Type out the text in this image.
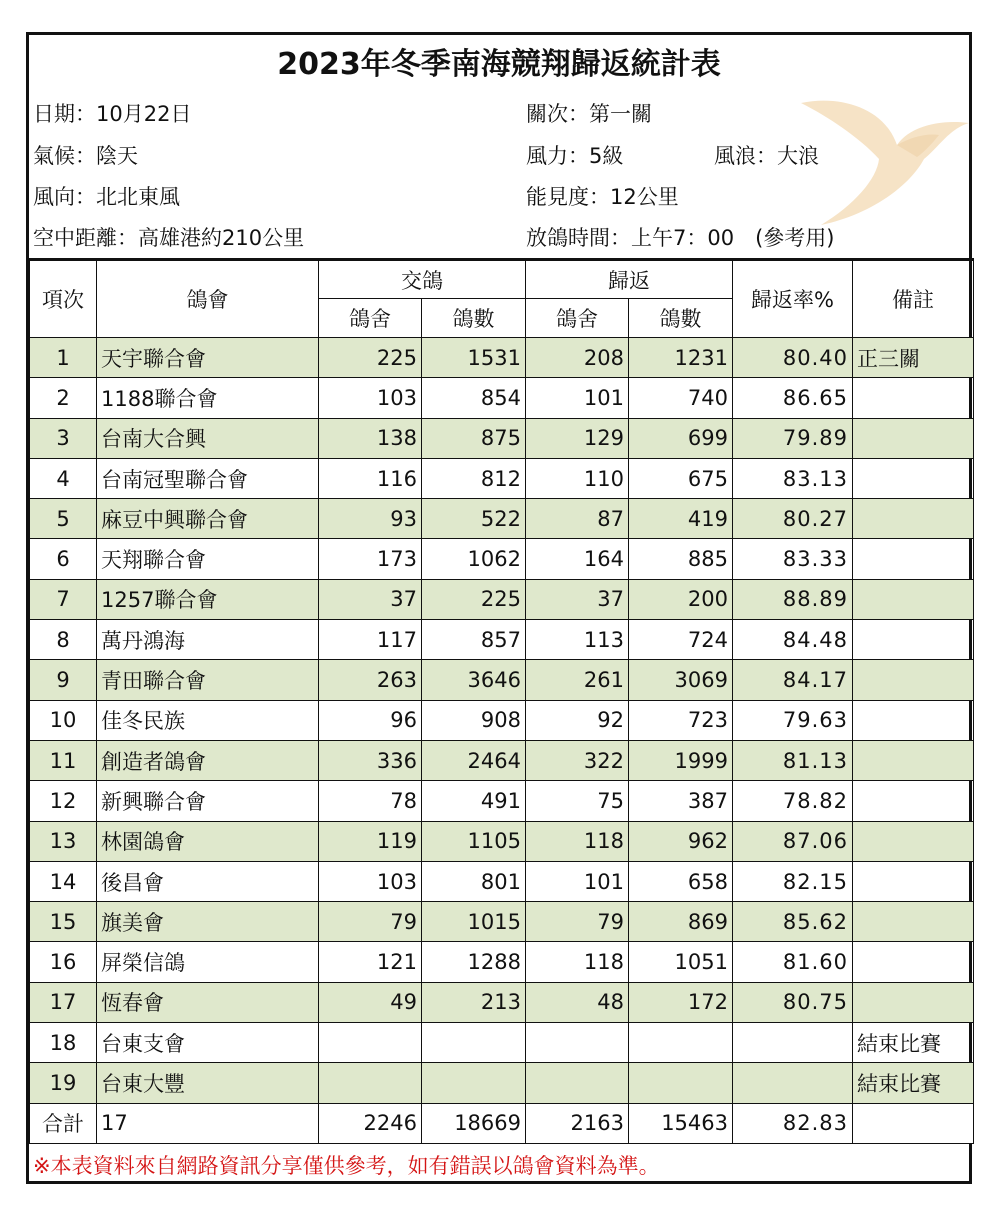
2023年冬季南海競翔歸返統計表
日期：10月22日
氣候：陰天
風向：北北東風
空中距離：高雄港約210公里
關次：第一關
風力：5級	風浪：大浪
能見度：12公里
放鴿時間：上午7：00　(參考用)
項次	鴿會	交鴿		歸返		歸返率%	備註
		鴿舍	鴿數	鴿舍	鴿數		
1	天宇聯合會	225	1531	208	1231	80.40	正三關
2	1188聯合會	103	854	101	740	86.65	
3	台南大合興	138	875	129	699	79.89	
4	台南冠聖聯合會	116	812	110	675	83.13	
5	麻豆中興聯合會	93	522	87	419	80.27	
6	天翔聯合會	173	1062	164	885	83.33	
7	1257聯合會	37	225	37	200	88.89	
8	萬丹鴻海	117	857	113	724	84.48	
9	青田聯合會	263	3646	261	3069	84.17	
10	佳冬民族	96	908	92	723	79.63	
11	創造者鴿會	336	2464	322	1999	81.13	
12	新興聯合會	78	491	75	387	78.82	
13	林園鴿會	119	1105	118	962	87.06	
14	後昌會	103	801	101	658	82.15	
15	旗美會	79	1015	79	869	85.62	
16	屏榮信鴿	121	1288	118	1051	81.60	
17	恆春會	49	213	48	172	80.75	
18	台東支會						結束比賽
19	台東大豐						結束比賽
合計	17	2246	18669	2163	15463	82.83	
※本表資料來自網路資訊分享僅供參考，如有錯誤以鴿會資料為準。
